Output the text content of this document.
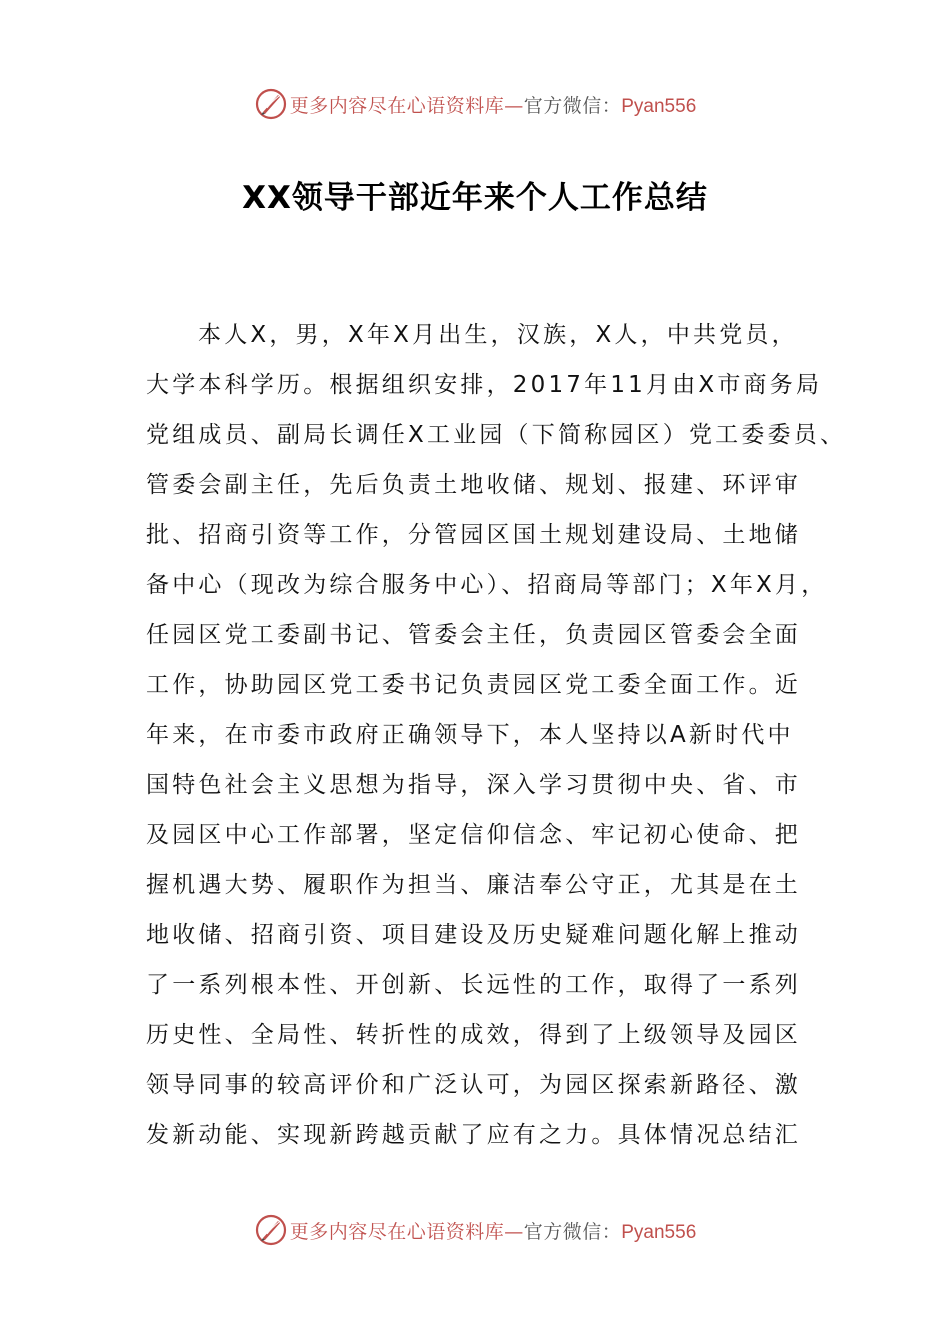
更多内容尽在心语资料库—官方微信：Pyan556
XX领导干部近年来个人工作总结
本人X，男，X年X月出生，汉族，X人，中共党员，
大学本科学历。根据组织安排，2017年11月由X市商务局
党组成员、副局长调任X工业园（下简称园区）党工委委员、
管委会副主任，先后负责土地收储、规划、报建、环评审
批、招商引资等工作，分管园区国土规划建设局、土地储
备中心（现改为综合服务中心）、招商局等部门；X年X月，
任园区党工委副书记、管委会主任，负责园区管委会全面
工作，协助园区党工委书记负责园区党工委全面工作。近
年来，在市委市政府正确领导下，本人坚持以A新时代中
国特色社会主义思想为指导，深入学习贯彻中央、省、市
及园区中心工作部署，坚定信仰信念、牢记初心使命、把
握机遇大势、履职作为担当、廉洁奉公守正，尤其是在土
地收储、招商引资、项目建设及历史疑难问题化解上推动
了一系列根本性、开创新、长远性的工作，取得了一系列
历史性、全局性、转折性的成效，得到了上级领导及园区
领导同事的较高评价和广泛认可，为园区探索新路径、激
发新动能、实现新跨越贡献了应有之力。具体情况总结汇
更多内容尽在心语资料库—官方微信：Pyan556
